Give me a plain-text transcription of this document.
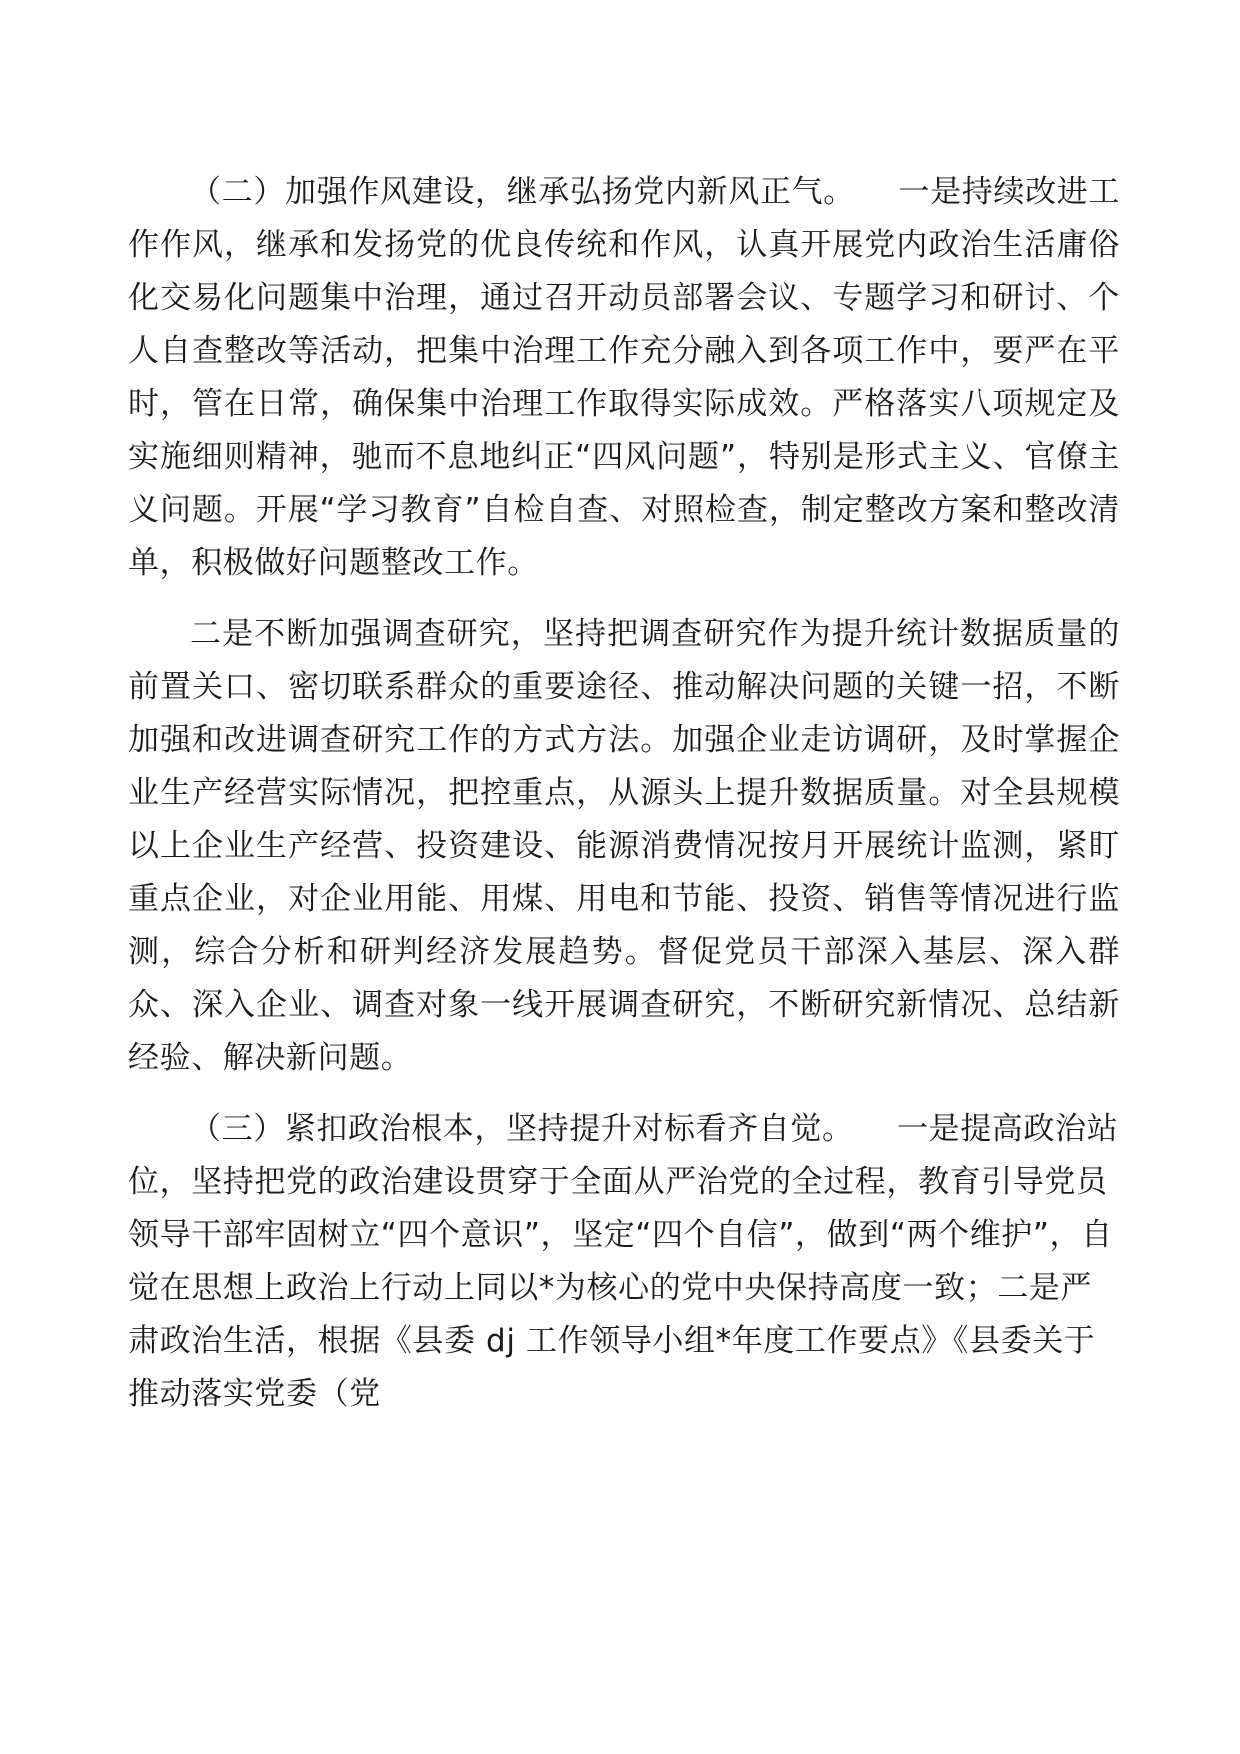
（二）加强作风建设，继承弘扬党内新风正气。 一是持续改进工作作风，继承和发扬党的优良传统和作风，认真开展党内政治生活庸俗化交易化问题集中治理，通过召开动员部署会议、专题学习和研讨、个人自查整改等活动，把集中治理工作充分融入到各项工作中，要严在平时，管在日常，确保集中治理工作取得实际成效。严格落实八项规定及实施细则精神，驰而不息地纠正“四风问题”，特别是形式主义、官僚主义问题。开展“学习教育”自检自查、对照检查，制定整改方案和整改清单，积极做好问题整改工作。

二是不断加强调查研究，坚持把调查研究作为提升统计数据质量的前置关口、密切联系群众的重要途径、推动解决问题的关键一招，不断加强和改进调查研究工作的方式方法。加强企业走访调研，及时掌握企业生产经营实际情况，把控重点，从源头上提升数据质量。对全县规模以上企业生产经营、投资建设、能源消费情况按月开展统计监测，紧盯重点企业，对企业用能、用煤、用电和节能、投资、销售等情况进行监测，综合分析和研判经济发展趋势。督促党员干部深入基层、深入群众、深入企业、调查对象一线开展调查研究，不断研究新情况、总结新经验、解决新问题。

（三）紧扣政治根本，坚持提升对标看齐自觉。 一是提高政治站位，坚持把党的政治建设贯穿于全面从严治党的全过程，教育引导党员领导干部牢固树立“四个意识”，坚定“四个自信”，做到“两个维护”，自觉在思想上政治上行动上同以*为核心的党中央保持高度一致；二是严肃政治生活，根据《县委 dj 工作领导小组*年度工作要点》《县委关于推动落实党委（党
